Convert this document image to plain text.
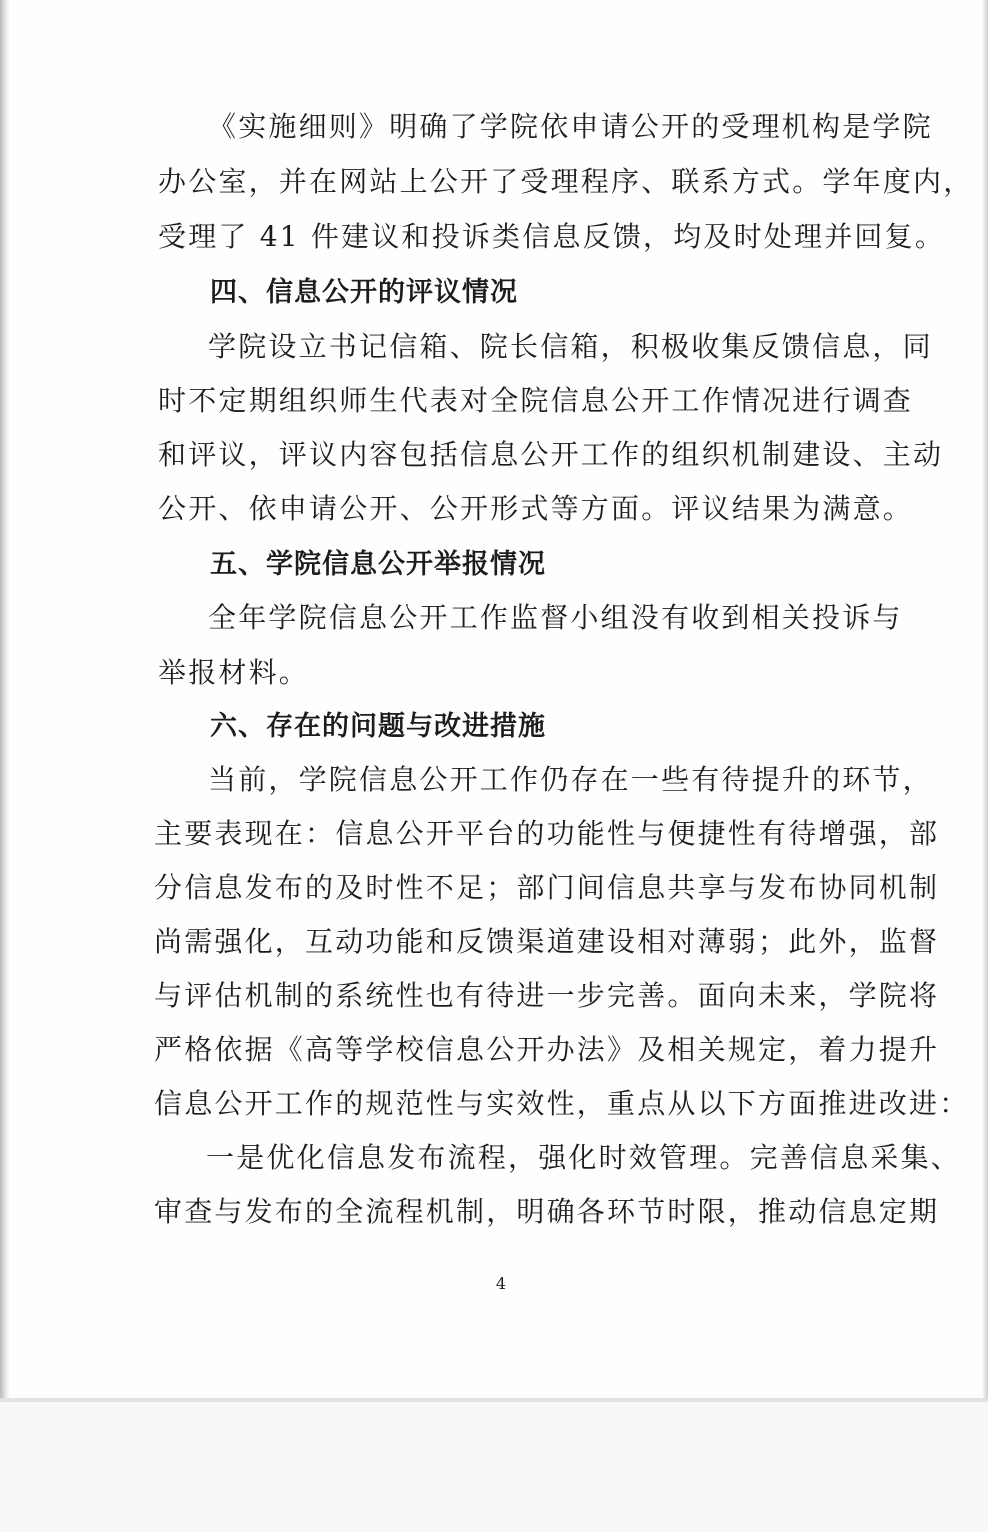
《实施细则》明确了学院依申请公开的受理机构是学院
办公室，并在网站上公开了受理程序、联系方式。学年度内，
受理了 41 件建议和投诉类信息反馈，均及时处理并回复。
四、信息公开的评议情况
学院设立书记信箱、院长信箱，积极收集反馈信息，同
时不定期组织师生代表对全院信息公开工作情况进行调查
和评议，评议内容包括信息公开工作的组织机制建设、主动
公开、依申请公开、公开形式等方面。评议结果为满意。
五、学院信息公开举报情况
全年学院信息公开工作监督小组没有收到相关投诉与
举报材料。
六、存在的问题与改进措施
当前，学院信息公开工作仍存在一些有待提升的环节，
主要表现在：信息公开平台的功能性与便捷性有待增强，部
分信息发布的及时性不足；部门间信息共享与发布协同机制
尚需强化，互动功能和反馈渠道建设相对薄弱；此外，监督
与评估机制的系统性也有待进一步完善。面向未来，学院将
严格依据《高等学校信息公开办法》及相关规定，着力提升
信息公开工作的规范性与实效性，重点从以下方面推进改进：
一是优化信息发布流程，强化时效管理。完善信息采集、
审查与发布的全流程机制，明确各环节时限，推动信息定期
4
